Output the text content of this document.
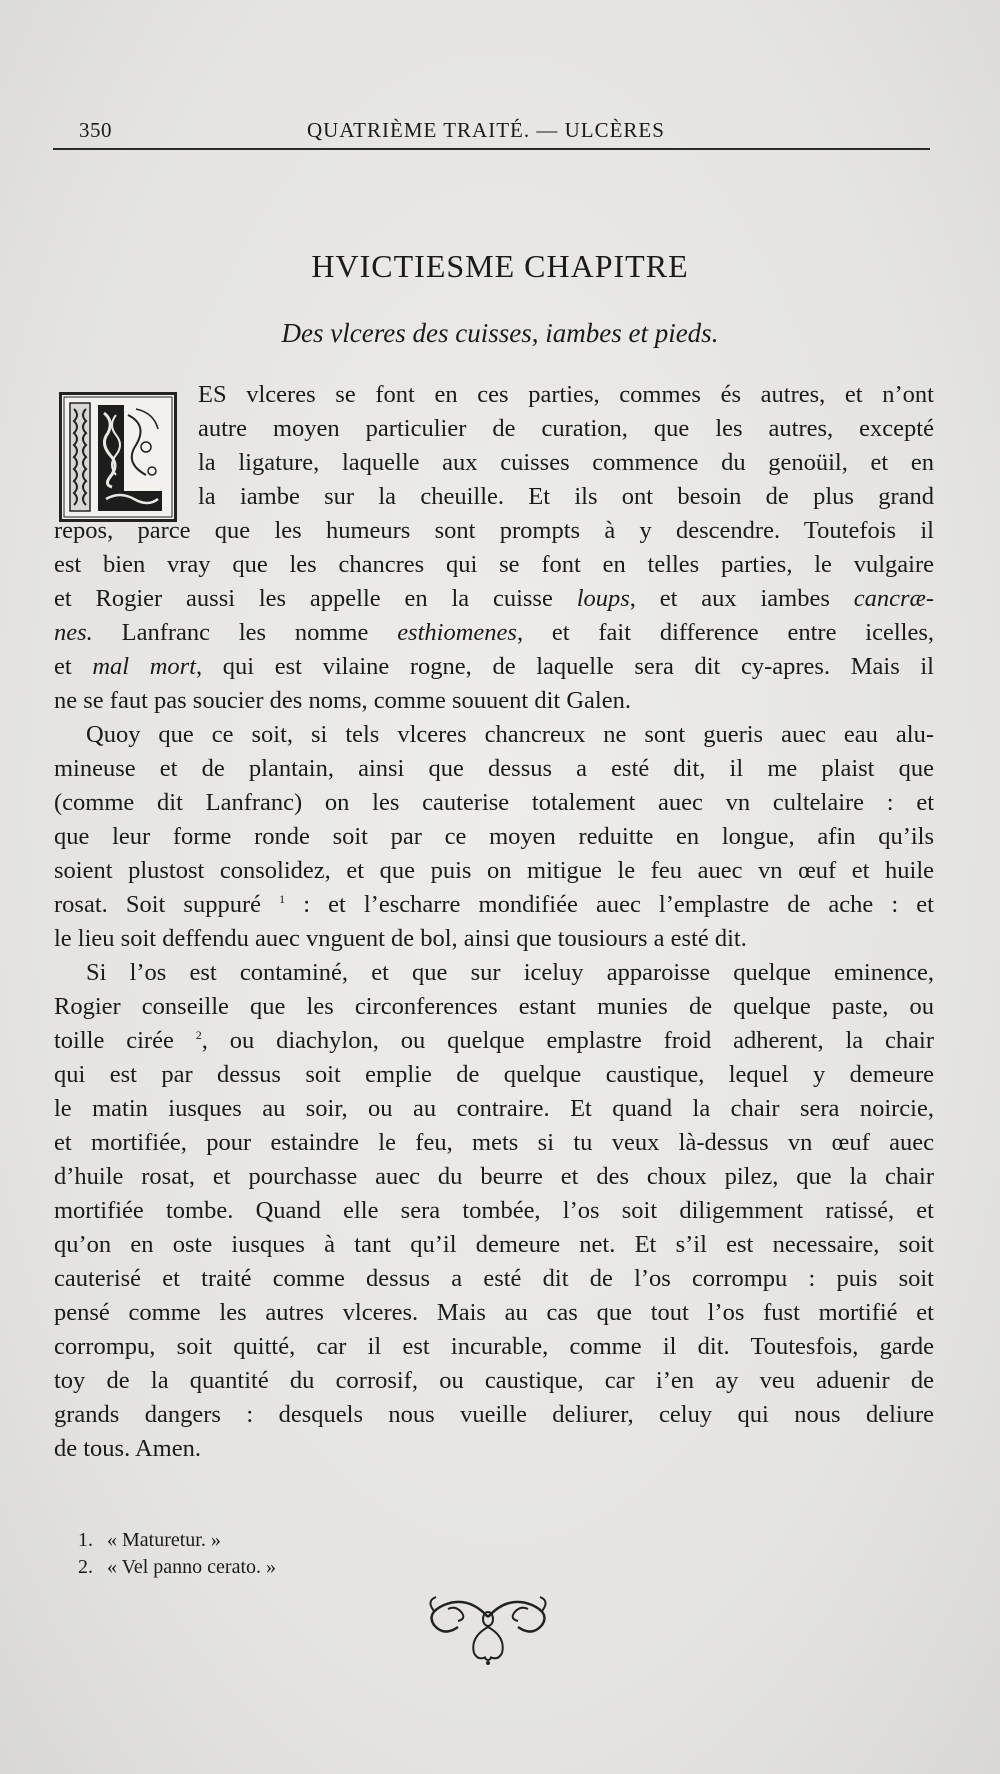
350	QUATRIÈME TRAITÉ. — ULCÈRES
HVICTIESME CHAPITRE
Des vlceres des cuisses, iambes et pieds.
ES vlceres se font en ces parties, commes és autres, et n’ont
autre moyen particulier de curation, que les autres, excepté
la ligature, laquelle aux cuisses commence du genoüil, et en
la iambe sur la cheuille. Et ils ont besoin de plus grand
repos, parce que les humeurs sont prompts à y descendre. Toutefois il
est bien vray que les chancres qui se font en telles parties, le vulgaire
et Rogier aussi les appelle en la cuisse loups, et aux iambes cancræ-
nes. Lanfranc les nomme esthiomenes, et fait difference entre icelles,
et mal mort, qui est vilaine rogne, de laquelle sera dit cy-apres. Mais il
ne se faut pas soucier des noms, comme souuent dit Galen.
Quoy que ce soit, si tels vlceres chancreux ne sont gueris auec eau alu-
mineuse et de plantain, ainsi que dessus a esté dit, il me plaist que
(comme dit Lanfranc) on les cauterise totalement auec vn cultelaire : et
que leur forme ronde soit par ce moyen reduitte en longue, afin qu’ils
soient plustost consolidez, et que puis on mitigue le feu auec vn œuf et huile
rosat. Soit suppuré $^1$ : et l’escharre mondifiée auec l’emplastre de ache : et
le lieu soit deffendu auec vnguent de bol, ainsi que tousiours a esté dit.
Si l’os est contaminé, et que sur iceluy apparoisse quelque eminence,
Rogier conseille que les circonferences estant munies de quelque paste, ou
toille cirée $^2$, ou diachylon, ou quelque emplastre froid adherent, la chair
qui est par dessus soit emplie de quelque caustique, lequel y demeure
le matin iusques au soir, ou au contraire. Et quand la chair sera noircie,
et mortifiée, pour estaindre le feu, mets si tu veux là-dessus vn œuf auec
d’huile rosat, et pourchasse auec du beurre et des choux pilez, que la chair
mortifiée tombe. Quand elle sera tombée, l’os soit diligemment ratissé, et
qu’on en oste iusques à tant qu’il demeure net. Et s’il est necessaire, soit
cauterisé et traité comme dessus a esté dit de l’os corrompu : puis soit
pensé comme les autres vlceres. Mais au cas que tout l’os fust mortifié et
corrompu, soit quitté, car il est incurable, comme il dit. Toutesfois, garde
toy de la quantité du corrosif, ou caustique, car i’en ay veu aduenir de
grands dangers : desquels nous vueille deliurer, celuy qui nous deliure
de tous. Amen.
1. « Maturetur. »
2. « Vel panno cerato. »
